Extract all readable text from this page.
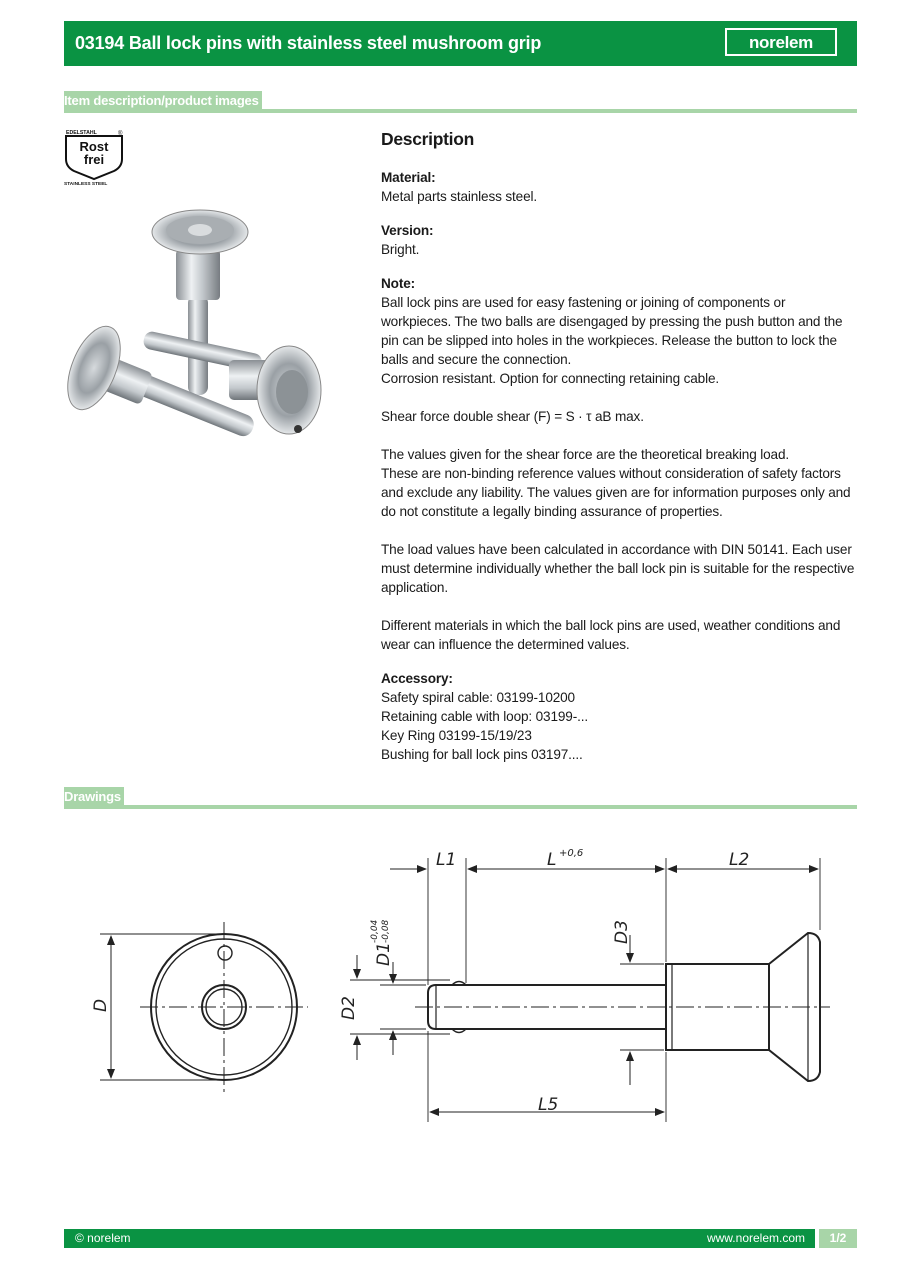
03194 Ball lock pins with stainless steel mushroom grip	norelem
Item description/product images
EDELSTAHL	®
Rost
frei
STAINLESS STEEL
Description
Material:

Metal parts stainless steel.

Version:

Bright.

Note:

Ball lock pins are used for easy fastening or joining of components or workpieces. The two balls are disengaged by pressing the push button and the pin can be slipped into holes in the workpieces. Release the button to lock the balls and secure the connection.

Corrosion resistant. Option for connecting retaining cable.

Shear force double shear (F) = S · τ aB max.

The values given for the shear force are the theoretical breaking load.

These are non-binding reference values without consideration of safety factors and exclude any liability. The values given are for information purposes only and do not constitute a legally binding assurance of properties.

The load values have been calculated in accordance with DIN 50141. Each user must determine individually whether the ball lock pin is suitable for the respective application.

Different materials in which the ball lock pins are used, weather conditions and wear can influence the determined values.

Accessory:

Safety spiral cable: 03199-10200

Retaining cable with loop: 03199-...

Key Ring 03199-15/19/23

Bushing for ball lock pins 03197....

Drawings
D
L1	L +0,6	L2
L5
D3
D2
D1
-0,04 -0,08
© norelem	www.norelem.com	1/2
